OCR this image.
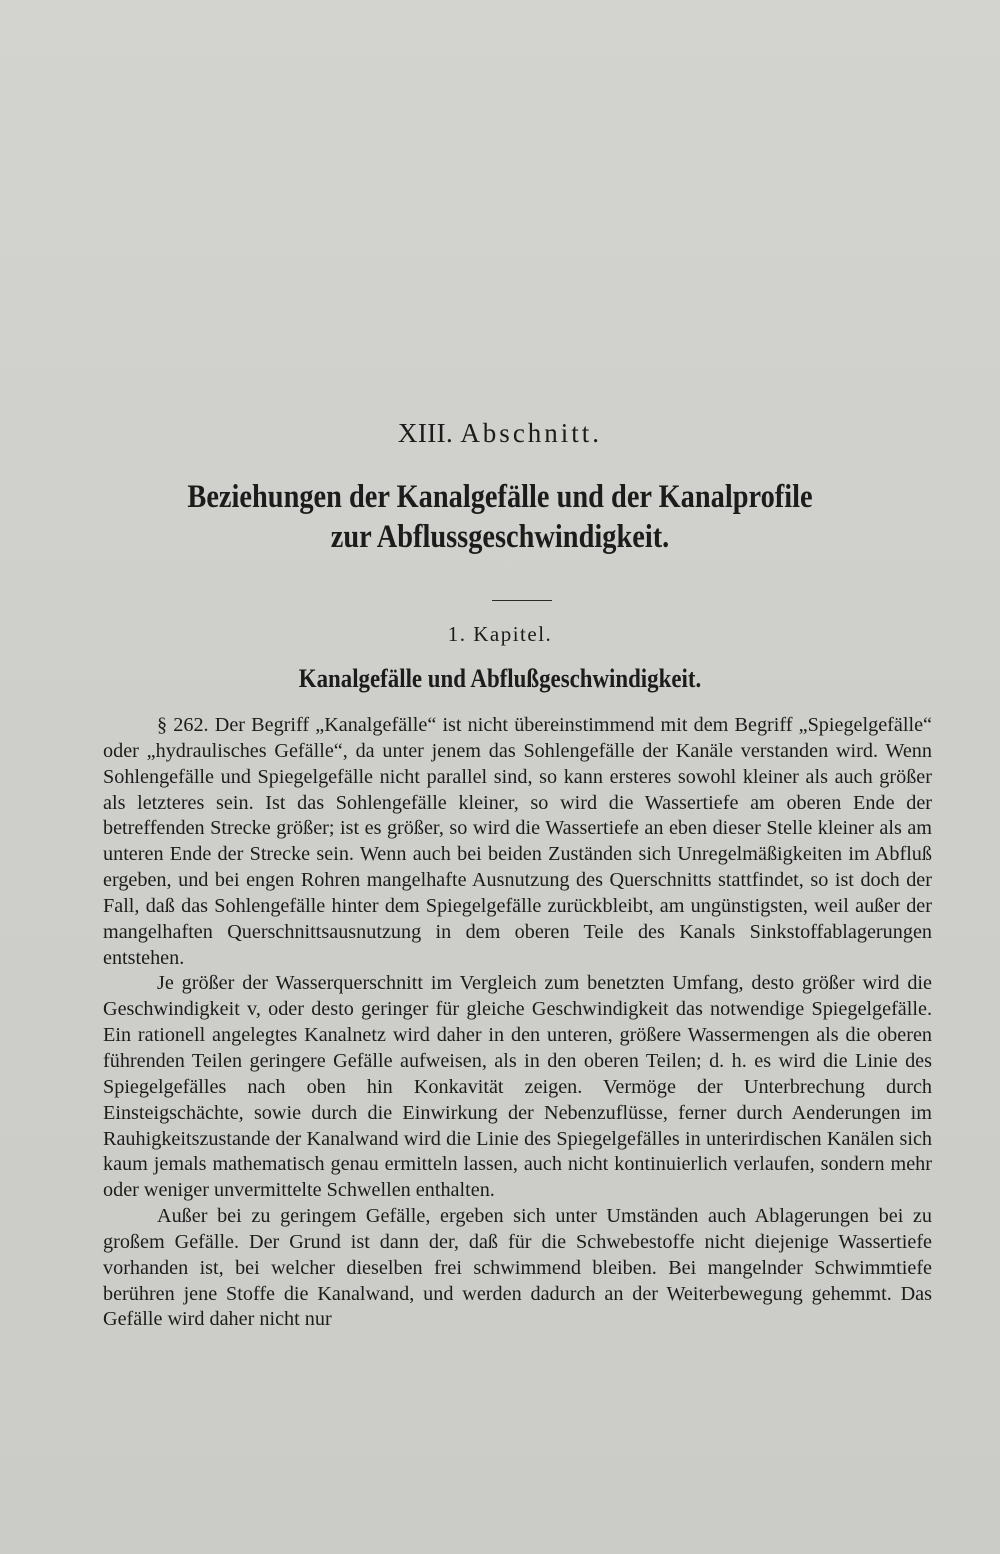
XIII. Abschnitt.
Beziehungen der Kanalgefälle und der Kanalprofile
zur Abflussgeschwindigkeit.
1. Kapitel.
Kanalgefälle und Abflußgeschwindigkeit.

§ 262. Der Begriff „Kanalgefälle“ ist nicht übereinstimmend mit dem Begriff „Spiegelgefälle“ oder „hydraulisches Gefälle“, da unter jenem das Sohlengefälle der Kanäle verstanden wird. Wenn Sohlengefälle und Spiegelgefälle nicht parallel sind, so kann ersteres sowohl kleiner als auch größer als letzteres sein. Ist das Sohlengefälle kleiner, so wird die Wassertiefe am oberen Ende der betreffenden Strecke größer; ist es größer, so wird die Wassertiefe an eben dieser Stelle kleiner als am unteren Ende der Strecke sein. Wenn auch bei beiden Zuständen sich Unregelmäßigkeiten im Abfluß ergeben, und bei engen Rohren mangelhafte Ausnutzung des Querschnitts stattfindet, so ist doch der Fall, daß das Sohlengefälle hinter dem Spiegelgefälle zurückbleibt, am ungünstigsten, weil außer der mangelhaften Querschnittsausnutzung in dem oberen Teile des Kanals Sinkstoffablagerungen entstehen.

Je größer der Wasserquerschnitt im Vergleich zum benetzten Umfang, desto größer wird die Geschwindigkeit v, oder desto geringer für gleiche Geschwindigkeit das notwendige Spiegelgefälle. Ein rationell angelegtes Kanalnetz wird daher in den unteren, größere Wassermengen als die oberen führenden Teilen geringere Gefälle aufweisen, als in den oberen Teilen; d. h. es wird die Linie des Spiegelgefälles nach oben hin Konkavität zeigen. Vermöge der Unterbrechung durch Einsteigschächte, sowie durch die Einwirkung der Nebenzuflüsse, ferner durch Aenderungen im Rauhigkeitszustande der Kanalwand wird die Linie des Spiegelgefälles in unterirdischen Kanälen sich kaum jemals mathematisch genau ermitteln lassen, auch nicht kontinuierlich verlaufen, sondern mehr oder weniger unvermittelte Schwellen enthalten.

Außer bei zu geringem Gefälle, ergeben sich unter Umständen auch Ablagerungen bei zu großem Gefälle. Der Grund ist dann der, daß für die Schwebestoffe nicht diejenige Wassertiefe vorhanden ist, bei welcher dieselben frei schwimmend bleiben. Bei mangelnder Schwimmtiefe berühren jene Stoffe die Kanalwand, und werden dadurch an der Weiterbewegung gehemmt. Das Gefälle wird daher nicht nur
